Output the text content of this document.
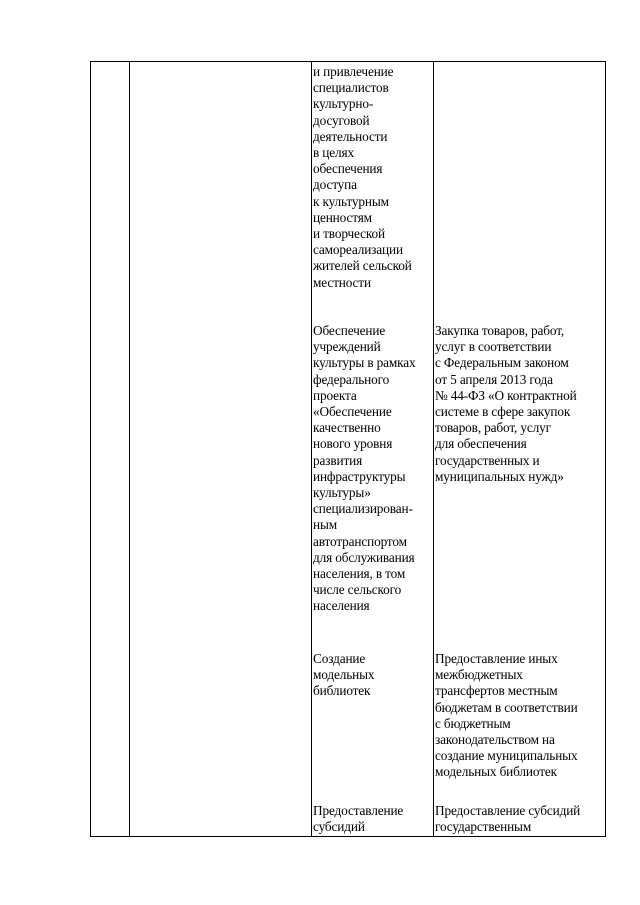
и привлечение
специалистов
культурно-
досуговой
деятельности
в целях
обеспечения
доступа
к культурным
ценностям
и творческой
самореализации
жителей сельской
местности
Обеспечение
учреждений
культуры в рамках
федерального
проекта
«Обеспечение
качественно
нового уровня
развития
инфраструктуры
культуры»
специализирован-
ным
автотранспортом
для обслуживания
населения, в том
числе сельского
населения
Закупка товаров, работ,
услуг в соответствии
с Федеральным законом
от 5 апреля 2013 года
№ 44-ФЗ «О контрактной
системе в сфере закупок
товаров, работ, услуг
для обеспечения
государственных и
муниципальных нужд»
Создание
модельных
библиотек
Предоставление иных
межбюджетных
трансфертов местным
бюджетам в соответствии
с бюджетным
законодательством на
создание муниципальных
модельных библиотек
Предоставление
субсидий
Предоставление субсидий
государственным
